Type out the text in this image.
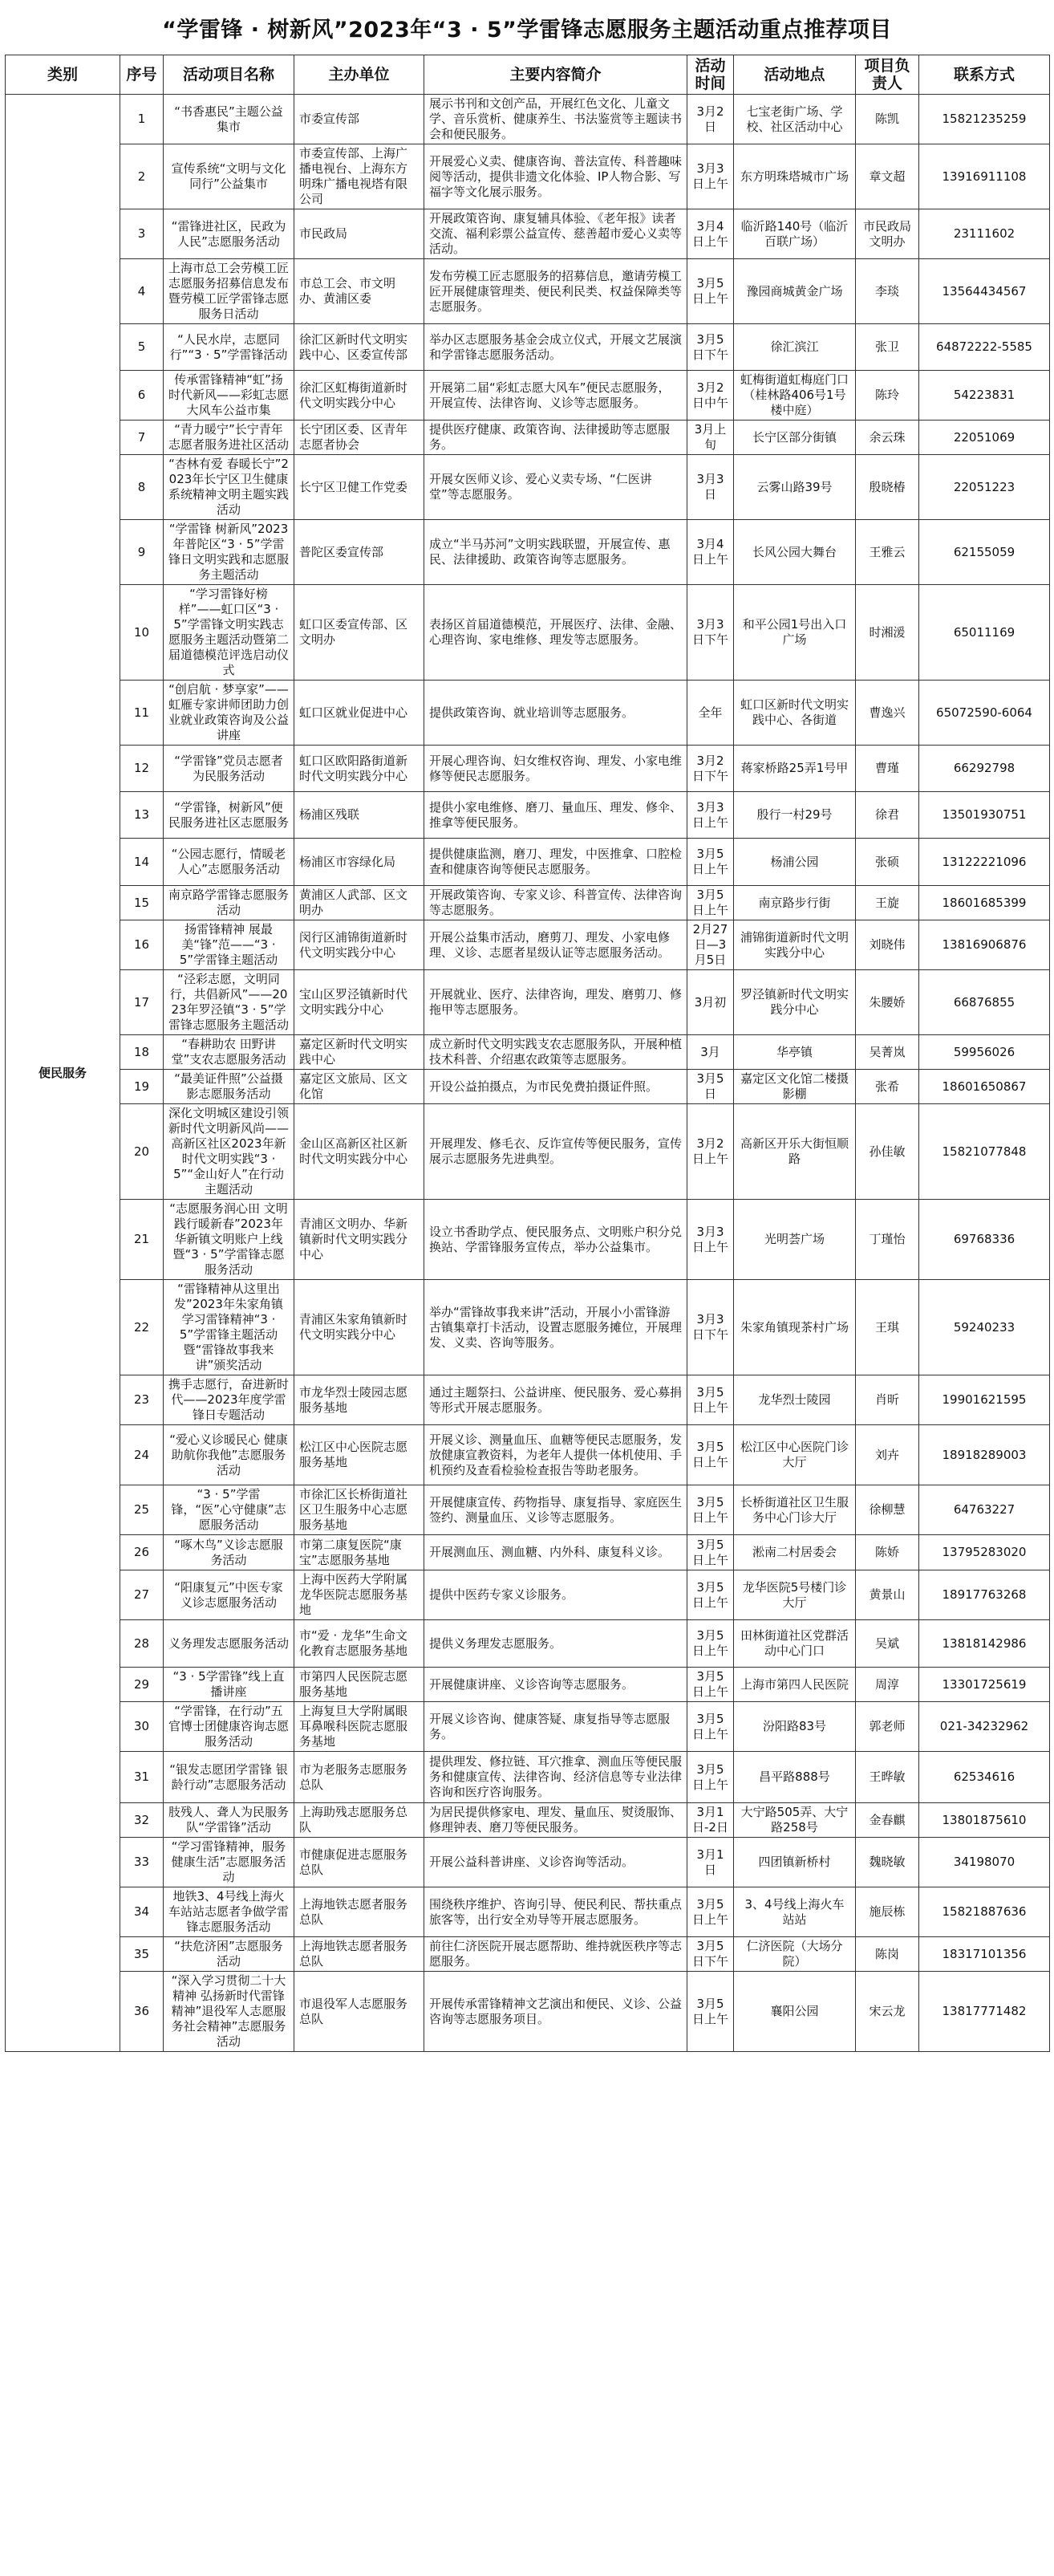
“学雷锋 · 树新风”2023年“3 · 5”学雷锋志愿服务主题活动重点推荐项目
类别	序号	活动项目名称	主办单位	主要内容简介	活动时间	活动地点	项目负责人	联系方式
便民服务	1	“书香惠民”主题公益集市	市委宣传部	展示书刊和文创产品，开展红色文化、儿童文学、音乐赏析、健康养生、书法鉴赏等主题读书会和便民服务。	3月2日	七宝老街广场、学校、社区活动中心	陈凯	15821235259
	2	宣传系统“文明与文化同行”公益集市	市委宣传部、上海广播电视台、上海东方明珠广播电视塔有限公司	开展爱心义卖、健康咨询、普法宣传、科普趣味阅等活动，提供非遗文化体验、IP人物合影、写福字等文化展示服务。	3月3日上午	东方明珠塔城市广场	章文超	13916911108
	3	“雷锋进社区，民政为人民”志愿服务活动	市民政局	开展政策咨询、康复辅具体验、《老年报》读者交流、福利彩票公益宣传、慈善超市爱心义卖等活动。	3月4日上午	临沂路140号（临沂百联广场）	市民政局文明办	23111602
	4	上海市总工会劳模工匠志愿服务招募信息发布暨劳模工匠学雷锋志愿服务日活动	市总工会、市文明办、黄浦区委	发布劳模工匠志愿服务的招募信息，邀请劳模工匠开展健康管理类、便民利民类、权益保障类等志愿服务。	3月5日上午	豫园商城黄金广场	李琰	13564434567
	5	“人民水岸，志愿同行”“3 · 5”学雷锋活动	徐汇区新时代文明实践中心、区委宣传部	举办区志愿服务基金会成立仪式，开展文艺展演和学雷锋志愿服务活动。	3月5日下午	徐汇滨江	张卫	64872222-5585
	6	传承雷锋精神“虹”扬时代新风——彩虹志愿大风车公益市集	徐汇区虹梅街道新时代文明实践分中心	开展第二届“彩虹志愿大风车”便民志愿服务，开展宣传、法律咨询、义诊等志愿服务。	3月2日中午	虹梅街道虹梅庭门口（桂林路406号1号楼中庭）	陈玲	54223831
	7	“青力暖宁”长宁青年志愿者服务进社区活动	长宁团区委、区青年志愿者协会	提供医疗健康、政策咨询、法律援助等志愿服务。	3月上旬	长宁区部分街镇	余云珠	22051069
	8	“杏林有爱 春暖长宁”2023年长宁区卫生健康系统精神文明主题实践活动	长宁区卫健工作党委	开展女医师义诊、爱心义卖专场、“仁医讲堂”等志愿服务。	3月3日	云雾山路39号	殷晓椿	22051223
	9	“学雷锋 树新风”2023年普陀区“3 · 5”学雷锋日文明实践和志愿服务主题活动	普陀区委宣传部	成立“半马苏河”文明实践联盟，开展宣传、惠民、法律援助、政策咨询等志愿服务。	3月4日上午	长风公园大舞台	王雅云	62155059
	10	“学习雷锋好榜样”——虹口区“3 · 5”学雷锋文明实践志愿服务主题活动暨第二届道德模范评选启动仪式	虹口区委宣传部、区文明办	表扬区首届道德模范，开展医疗、法律、金融、心理咨询、家电维修、理发等志愿服务。	3月3日下午	和平公园1号出入口广场	时湘湲	65011169
	11	“创启航 · 梦享家”——虹雁专家讲师团助力创业就业政策咨询及公益讲座	虹口区就业促进中心	提供政策咨询、就业培训等志愿服务。	全年	虹口区新时代文明实践中心、各街道	曹逸兴	65072590-6064
	12	“学雷锋”党员志愿者为民服务活动	虹口区欧阳路街道新时代文明实践分中心	开展心理咨询、妇女维权咨询、理发、小家电维修等便民志愿服务。	3月2日下午	蒋家桥路25弄1号甲	曹瑾	66292798
	13	“学雷锋，树新风”便民服务进社区志愿服务	杨浦区残联	提供小家电维修、磨刀、量血压、理发、修伞、推拿等便民服务。	3月3日上午	殷行一村29号	徐君	13501930751
	14	“公园志愿行，情暖老人心”志愿服务活动	杨浦区市容绿化局	提供健康监测，磨刀、理发，中医推拿、口腔检查和健康咨询等便民志愿服务。	3月5日上午	杨浦公园	张硕	13122221096
	15	南京路学雷锋志愿服务活动	黄浦区人武部、区文明办	开展政策咨询、专家义诊、科普宣传、法律咨询等志愿服务。	3月5日上午	南京路步行街	王旋	18601685399
	16	扬雷锋精神 展最美“锋”范——“3 · 5”学雷锋主题活动	闵行区浦锦街道新时代文明实践分中心	开展公益集市活动，磨剪刀、理发、小家电修理、义诊、志愿者星级认证等志愿服务活动。	2月27日—3月5日	浦锦街道新时代文明实践分中心	刘晓伟	13816906876
	17	“泾彩志愿，文明同行，共倡新风”——2023年罗泾镇“3 · 5”学雷锋志愿服务主题活动	宝山区罗泾镇新时代文明实践分中心	开展就业、医疗、法律咨询，理发、磨剪刀、修拖甲等志愿服务。	3月初	罗泾镇新时代文明实践分中心	朱腰娇	66876855
	18	“春耕助农 田野讲堂”支农志愿服务活动	嘉定区新时代文明实践中心	成立新时代文明实践支农志愿服务队，开展种植技术科普、介绍惠农政策等志愿服务。	3月	华亭镇	吴菁岚	59956026
	19	“最美证件照”公益摄影志愿服务活动	嘉定区文旅局、区文化馆	开设公益拍摄点，为市民免费拍摄证件照。	3月5日	嘉定区文化馆二楼摄影棚	张希	18601650867
	20	深化文明城区建设引领新时代文明新风尚——高新区社区2023年新时代文明实践“3 · 5”“金山好人”在行动主题活动	金山区高新区社区新时代文明实践分中心	开展理发、修毛衣、反诈宣传等便民服务，宣传展示志愿服务先进典型。	3月2日上午	高新区开乐大街恒顺路	孙佳敏	15821077848
	21	“志愿服务润心田 文明践行暖新春”2023年华新镇文明账户上线暨“3 · 5”学雷锋志愿服务活动	青浦区文明办、华新镇新时代文明实践分中心	设立书香助学点、便民服务点、文明账户积分兑换站、学雷锋服务宣传点，举办公益集市。	3月3日上午	光明荟广场	丁瑾怡	69768336
	22	“雷锋精神从这里出发”2023年朱家角镇学习雷锋精神“3 · 5”学雷锋主题活动暨“雷锋故事我来讲”颁奖活动	青浦区朱家角镇新时代文明实践分中心	举办“雷锋故事我来讲”活动，开展小小雷锋游古镇集章打卡活动，设置志愿服务摊位，开展理发、义卖、咨询等服务。	3月3日下午	朱家角镇现茶村广场	王琪	59240233
	23	携手志愿行，奋进新时代——2023年度学雷锋日专题活动	市龙华烈士陵园志愿服务基地	通过主题祭扫、公益讲座、便民服务、爱心募捐等形式开展志愿服务。	3月5日上午	龙华烈士陵园	肖昕	19901621595
	24	“爱心义诊暖民心 健康助航你我他”志愿服务活动	松江区中心医院志愿服务基地	开展义诊、测量血压、血糖等便民志愿服务，发放健康宣教资料，为老年人提供一体机使用、手机预约及查看检验检查报告等助老服务。	3月5日上午	松江区中心医院门诊大厅	刘卉	18918289003
	25	“3 · 5”学雷锋，“医”心守健康”志愿服务活动	市徐汇区长桥街道社区卫生服务中心志愿服务基地	开展健康宣传、药物指导、康复指导、家庭医生签约、测量血压、义诊等志愿服务。	3月5日上午	长桥街道社区卫生服务中心门诊大厅	徐柳慧	64763227
	26	“啄木鸟”义诊志愿服务活动	市第二康复医院“康宝”志愿服务基地	开展测血压、测血糖、内外科、康复科义诊。	3月5日上午	淞南二村居委会	陈娇	13795283020
	27	“阳康复元”中医专家义诊志愿服务活动	上海中医药大学附属龙华医院志愿服务基地	提供中医药专家义诊服务。	3月5日上午	龙华医院5号楼门诊大厅	黄景山	18917763268
	28	义务理发志愿服务活动	市“爱 · 龙华”生命文化教育志愿服务基地	提供义务理发志愿服务。	3月5日上午	田林街道社区党群活动中心门口	吴斌	13818142986
	29	“3 · 5学雷锋”线上直播讲座	市第四人民医院志愿服务基地	开展健康讲座、义诊咨询等志愿服务。	3月5日上午	上海市第四人民医院	周淳	13301725619
	30	“学雷锋，在行动”五官博士团健康咨询志愿服务活动	上海复旦大学附属眼耳鼻喉科医院志愿服务基地	开展义诊咨询、健康答疑、康复指导等志愿服务。	3月5日上午	汾阳路83号	郭老师	021-34232962
	31	“银发志愿团学雷锋 银龄行动”志愿服务活动	市为老服务志愿服务总队	提供理发、修拉链、耳穴推拿、测血压等便民服务和健康宣传、法律咨询、经济信息等专业法律咨询和医疗咨询服务。	3月5日上午	昌平路888号	王晔敏	62534616
	32	肢残人、聋人为民服务队“学雷锋”活动	上海助残志愿服务总队	为居民提供修家电、理发、量血压、熨烫服饰、修理钟表、磨刀等便民服务。	3月1日-2日	大宁路505弄、大宁路258号	金春麒	13801875610
	33	“学习雷锋精神，服务健康生活”志愿服务活动	市健康促进志愿服务总队	开展公益科普讲座、义诊咨询等活动。	3月1日	四团镇新桥村	魏晓敏	34198070
	34	地铁3、4号线上海火车站站志愿者争做学雷锋志愿服务活动	上海地铁志愿者服务总队	围绕秩序维护、咨询引导、便民利民、帮扶重点旅客等，出行安全劝导等开展志愿服务。	3月5日上午	3、4号线上海火车站站	施辰栋	15821887636
	35	“扶危济困”志愿服务活动	上海地铁志愿者服务总队	前往仁济医院开展志愿帮助、维持就医秩序等志愿服务。	3月5日下午	仁济医院（大场分院）	陈岗	18317101356
	36	“深入学习贯彻二十大精神 弘扬新时代雷锋精神”退役军人志愿服务社会精神”志愿服务活动	市退役军人志愿服务总队	开展传承雷锋精神文艺演出和便民、义诊、公益咨询等志愿服务项目。	3月5日上午	襄阳公园	宋云龙	13817771482
